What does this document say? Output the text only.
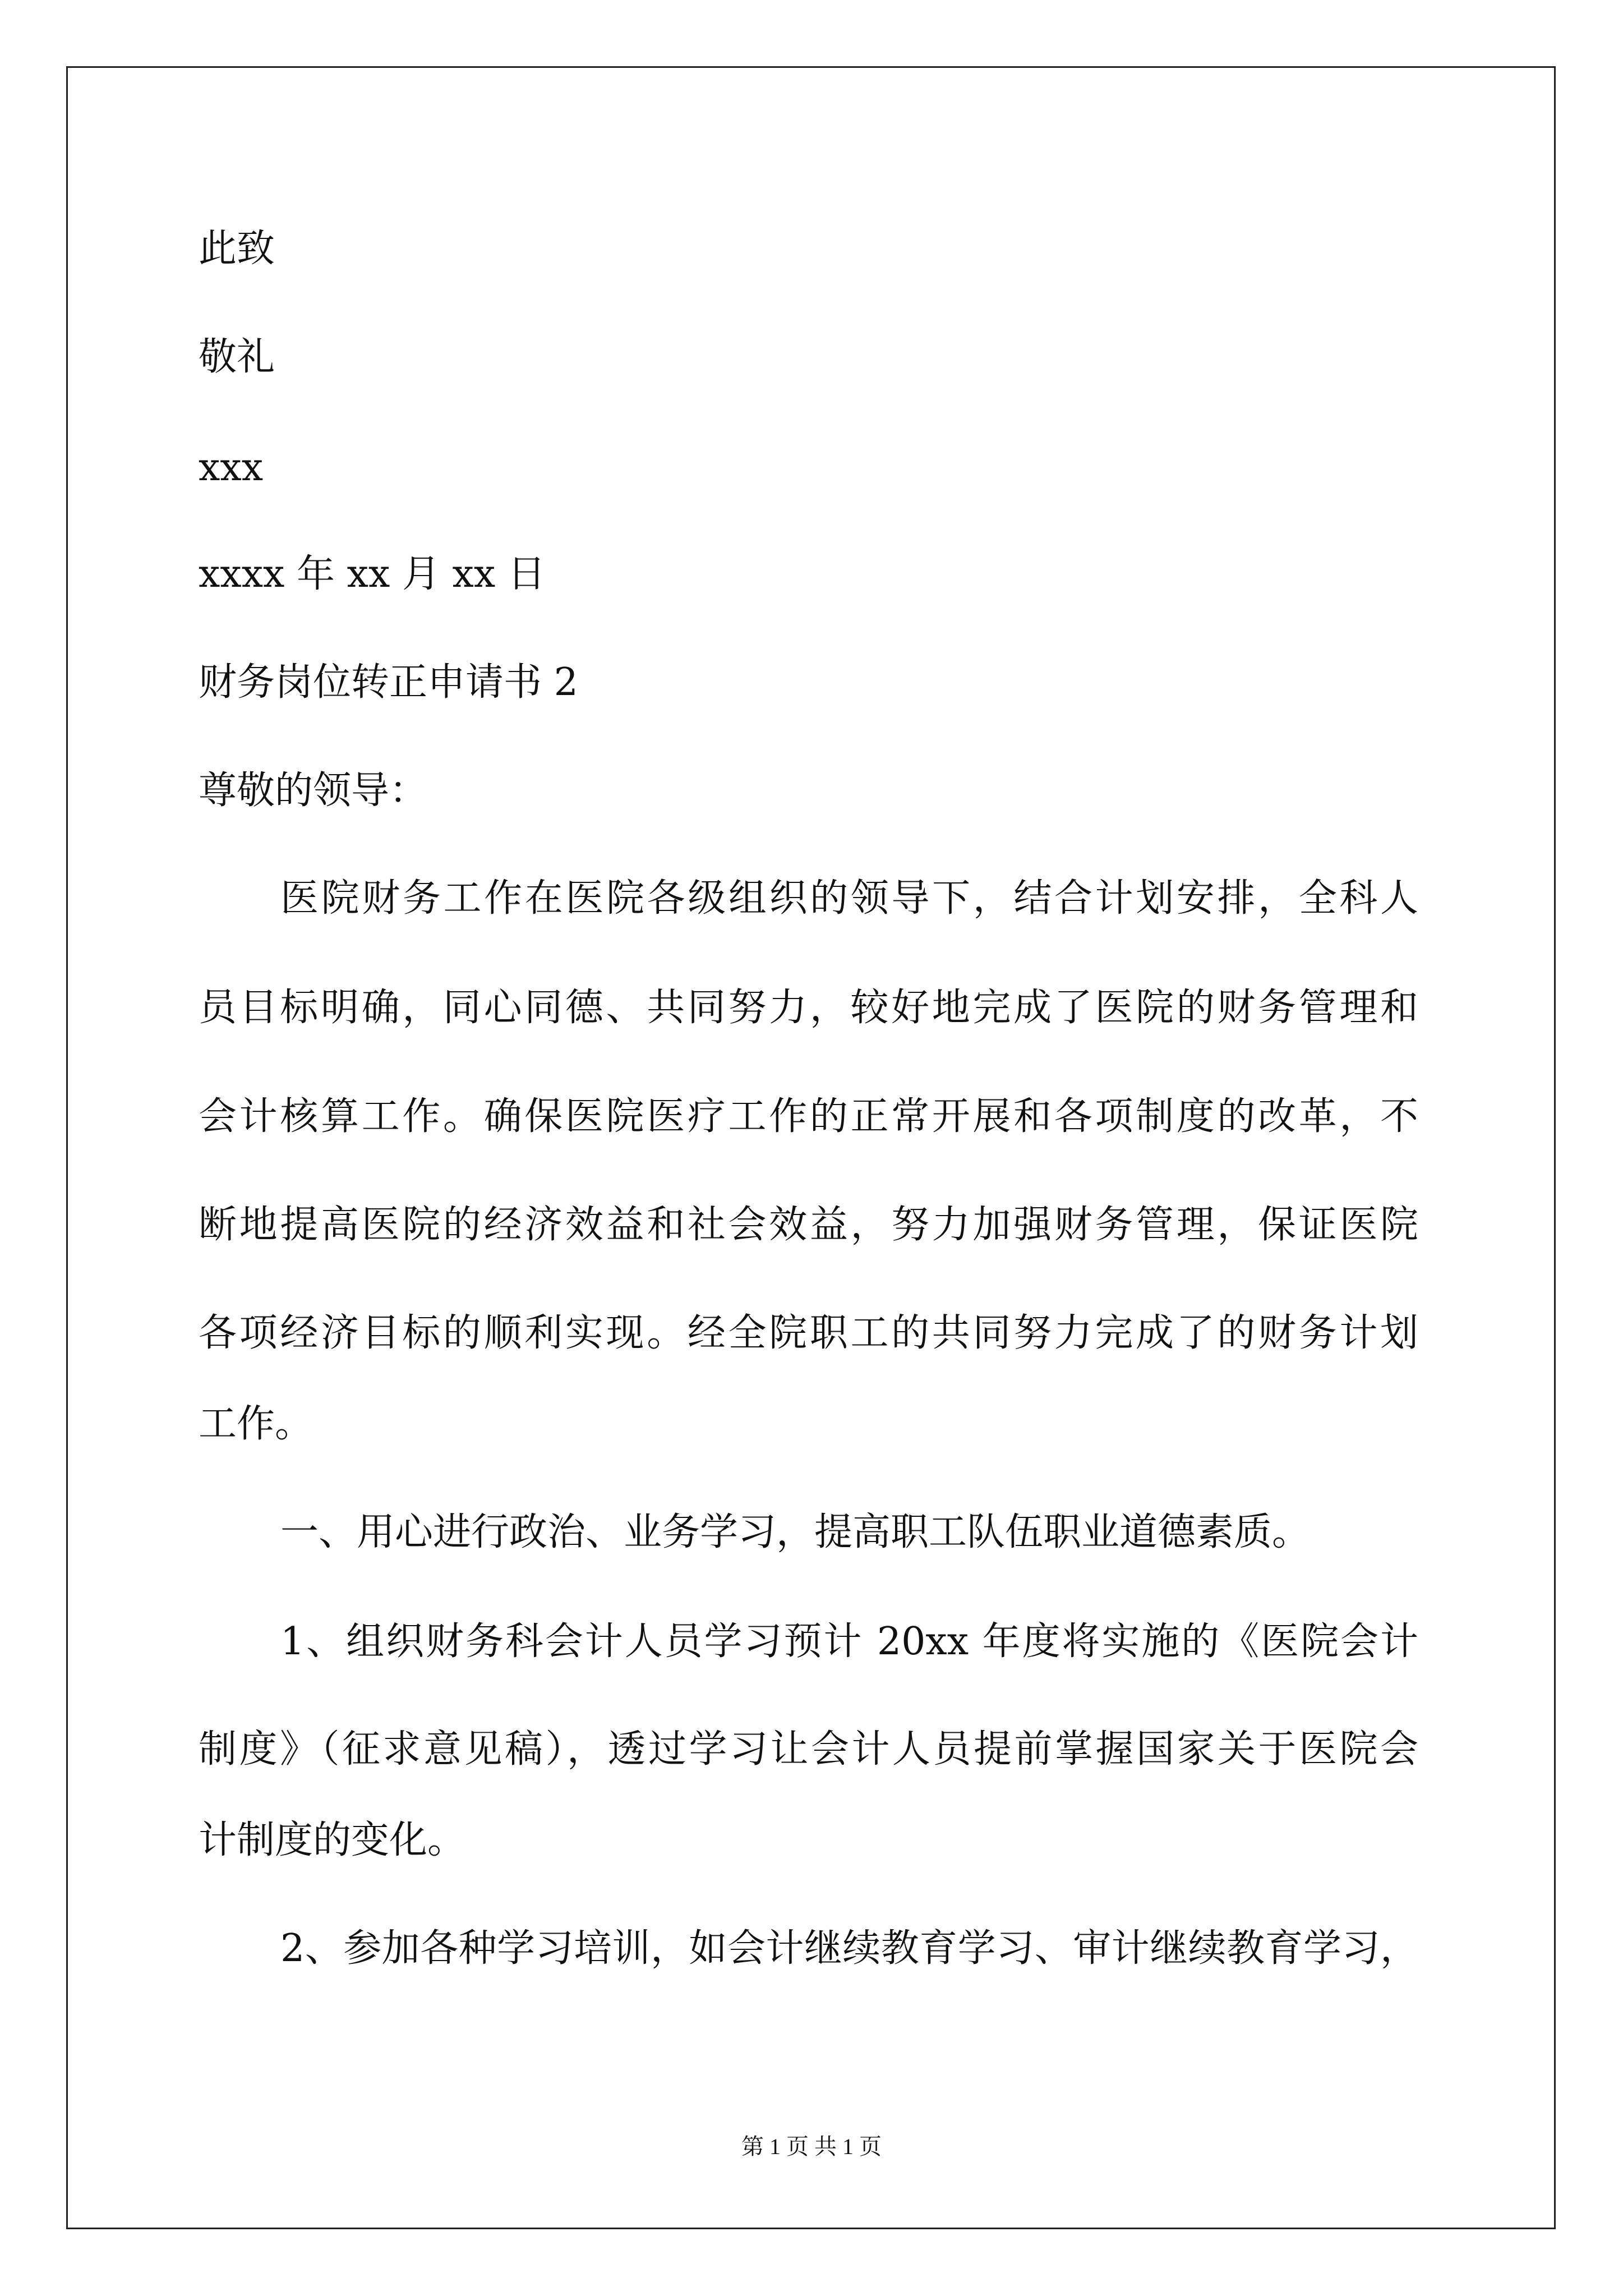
此致

敬礼

xxx

xxxx 年 xx 月 xx 日

财务岗位转正申请书 2

尊敬的领导：

医院财务工作在医院各级组织的领导下，结合计划安排，全科人

员目标明确，同心同德、共同努力，较好地完成了医院的财务管理和

会计核算工作。确保医院医疗工作的正常开展和各项制度的改革，不

断地提高医院的经济效益和社会效益，努力加强财务管理，保证医院

各项经济目标的顺利实现。经全院职工的共同努力完成了的财务计划

工作。

一、用心进行政治、业务学习，提高职工队伍职业道德素质。

1、组织财务科会计人员学习预计 20xx 年度将实施的《医院会计

制度》（征求意见稿），透过学习让会计人员提前掌握国家关于医院会

计制度的变化。

2、参加各种学习培训，如会计继续教育学习、审计继续教育学习，

第 1 页 共 1 页
